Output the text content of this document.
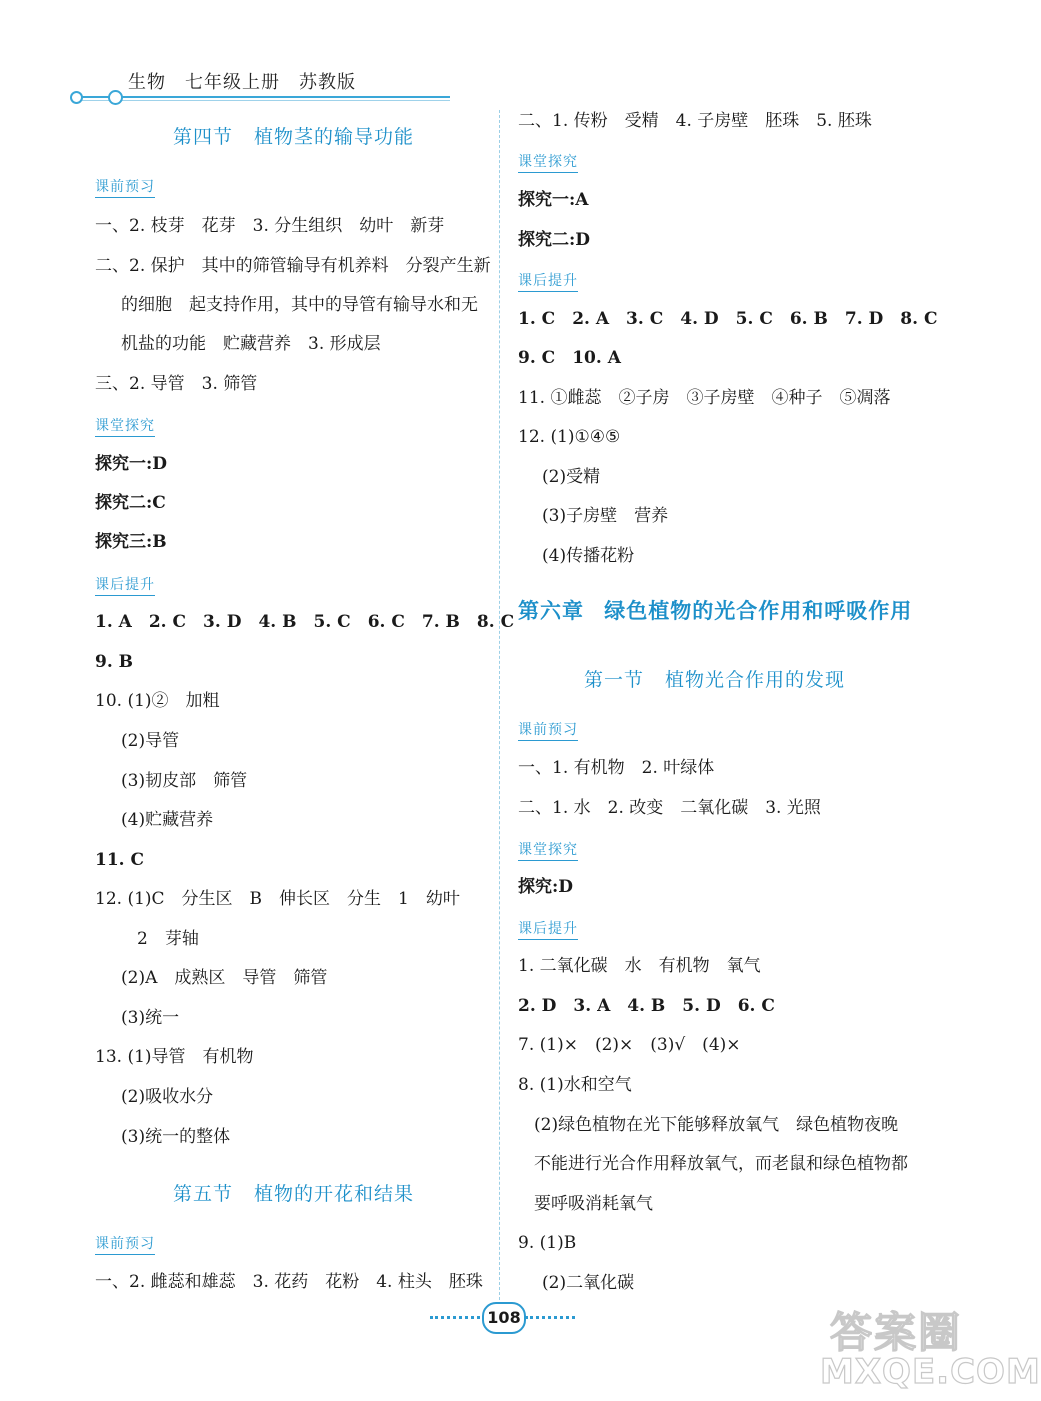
生物　七年级上册　苏教版
第四节 植物茎的输导功能
课前预习
一、2. 枝芽　花芽　3. 分生组织　幼叶　新芽
二、2. 保护　其中的筛管输导有机养料　分裂产生新
的细胞　起支持作用，其中的导管有输导水和无
机盐的功能　贮藏营养　3. 形成层
三、2. 导管　3. 筛管
课堂探究
探究一:D
探究二:C
探究三:B
课后提升
1. A　2. C　3. D　4. B　5. C　6. C　7. B　8. C
9. B
10. (1)②　加粗
(2)导管
(3)韧皮部　筛管
(4)贮藏营养
11. C
12. (1)C　分生区　B　伸长区　分生　1　幼叶
2　芽轴
(2)A　成熟区　导管　筛管
(3)统一
13. (1)导管　有机物
(2)吸收水分
(3)统一的整体
第五节 植物的开花和结果
课前预习
一、2. 雌蕊和雄蕊　3. 花药　花粉　4. 柱头　胚珠
二、1. 传粉　受精　4. 子房壁　胚珠　5. 胚珠
课堂探究
探究一:A
探究二:D
课后提升
1. C　2. A　3. C　4. D　5. C　6. B　7. D　8. C
9. C　10. A
11. ①雌蕊　②子房　③子房壁　④种子　⑤凋落
12. (1)①④⑤
(2)受精
(3)子房壁　营养
(4)传播花粉
第六章 绿色植物的光合作用和呼吸作用
第一节 植物光合作用的发现
课前预习
一、1. 有机物　2. 叶绿体
二、1. 水　2. 改变　二氧化碳　3. 光照
课堂探究
探究:D
课后提升
1. 二氧化碳　水　有机物　氧气
2. D　3. A　4. B　5. D　6. C
7. (1)×　(2)×　(3)√　(4)×
8. (1)水和空气
(2)绿色植物在光下能够释放氧气　绿色植物夜晚
不能进行光合作用释放氧气，而老鼠和绿色植物都
要呼吸消耗氧气
9. (1)B
(2)二氧化碳
108	答案圈
MXQE.COM
